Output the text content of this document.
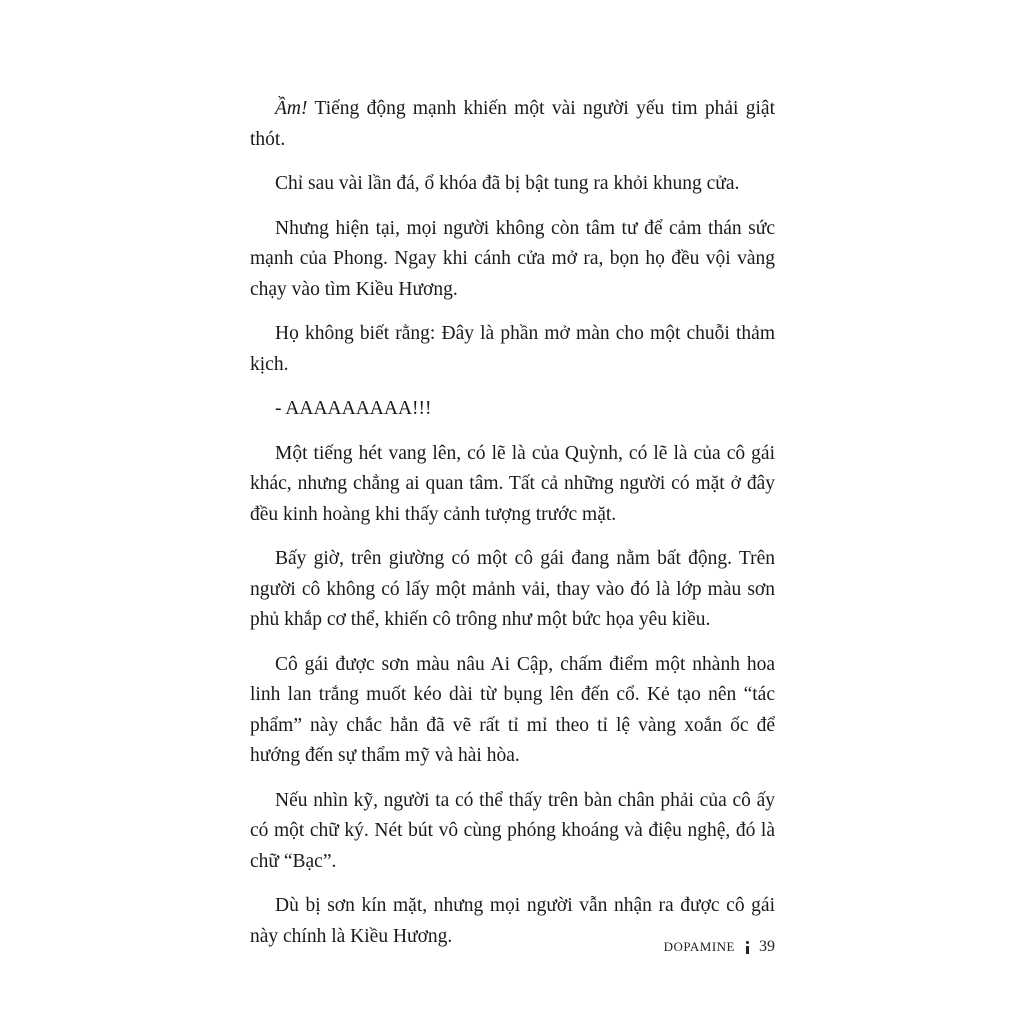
Ầm! Tiếng động mạnh khiến một vài người yếu tim phải giật thót.

Chỉ sau vài lần đá, ổ khóa đã bị bật tung ra khỏi khung cửa.

Nhưng hiện tại, mọi người không còn tâm tư để cảm thán sức mạnh của Phong. Ngay khi cánh cửa mở ra, bọn họ đều vội vàng chạy vào tìm Kiều Hương.

Họ không biết rằng: Đây là phần mở màn cho một chuỗi thảm kịch.

- AAAAAAAAA!!!

Một tiếng hét vang lên, có lẽ là của Quỳnh, có lẽ là của cô gái khác, nhưng chẳng ai quan tâm. Tất cả những người có mặt ở đây đều kinh hoàng khi thấy cảnh tượng trước mặt.

Bấy giờ, trên giường có một cô gái đang nằm bất động. Trên người cô không có lấy một mảnh vải, thay vào đó là lớp màu sơn phủ khắp cơ thể, khiến cô trông như một bức họa yêu kiều.

Cô gái được sơn màu nâu Ai Cập, chấm điểm một nhành hoa linh lan trắng muốt kéo dài từ bụng lên đến cổ. Kẻ tạo nên “tác phẩm” này chắc hẳn đã vẽ rất tỉ mỉ theo tỉ lệ vàng xoắn ốc để hướng đến sự thẩm mỹ và hài hòa.

Nếu nhìn kỹ, người ta có thể thấy trên bàn chân phải của cô ấy có một chữ ký. Nét bút vô cùng phóng khoáng và điệu nghệ, đó là chữ “Bạc”.

Dù bị sơn kín mặt, nhưng mọi người vẫn nhận ra được cô gái này chính là Kiều Hương.	DOPAMINE 39
